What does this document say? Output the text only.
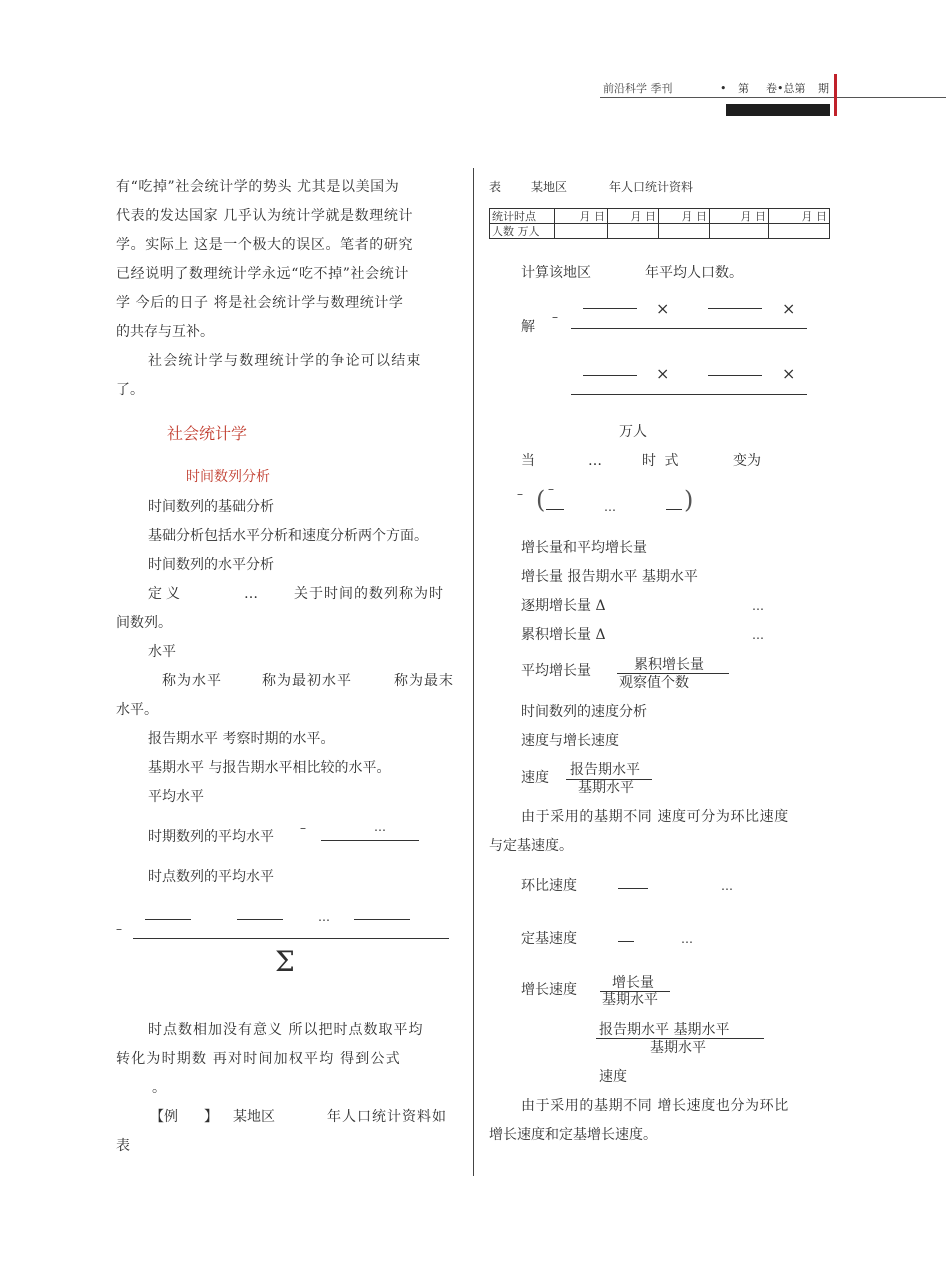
前沿科学 季刊	• 第 卷•总第 期
有“吃掉”社会统计学的势头 尤其是以美国为
代表的发达国家 几乎认为统计学就是数理统计
学。实际上 这是一个极大的误区。笔者的研究
已经说明了数理统计学永远“吃不掉”社会统计
学 今后的日子 将是社会统计学与数理统计学
的共存与互补。
社会统计学与数理统计学的争论可以结束
了。
社会统计学
时间数列分析
时间数列的基础分析
基础分析包括水平分析和速度分析两个方面。
时间数列的水平分析
定义	…	关于时间的数列称为时
间数列。
水平
称为水平	称为最初水平	称为最末
水平。
报告期水平 考察时期的水平。
基期水平 与报告期水平相比较的水平。
平均水平
时期数列的平均水平
–	…
时点数列的平均水平
–
…
Σ
时点数相加没有意义 所以把时点数取平均
转化为时期数 再对时间加权平均 得到公式
。
【例 】 某地区	年人口统计资料如
表
表 某地区	年人口统计资料
统计时点	月 日	月 日	月 日	月 日	月 日
人数 万人					
计算该地区	年平均人口数。
解
–	×	×
×	×
万人
当	…	时 式	变为
– ( –
…	)
增长量和平均增长量
增长量 报告期水平 基期水平
逐期增长量 Δ	…
累积增长量 Δ	…
平均增长量	累积增长量
观察值个数
时间数列的速度分析
速度与增长速度
速度 报告期水平
基期水平
由于采用的基期不同 速度可分为环比速度
与定基速度。
环比速度	…
定基速度	…
增长速度	增长量
基期水平
报告期水平 基期水平
基期水平
速度
由于采用的基期不同 增长速度也分为环比
增长速度和定基增长速度。
